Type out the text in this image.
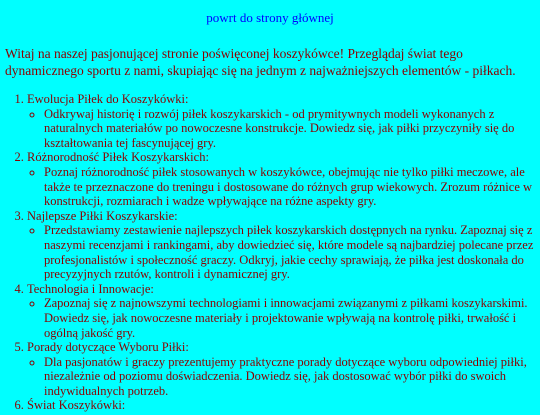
powrt do strony głównej

Witaj na naszej pasjonującej stronie poświęconej koszykówce! Przeglądaj świat tego dynamicznego sportu z nami, skupiając się na jednym z najważniejszych elementów - piłkach.

1. Ewolucja Piłek do Koszykówki:
◦ Odkrywaj historię i rozwój piłek koszykarskich - od prymitywnych modeli wykonanych z naturalnych materiałów po nowoczesne konstrukcje. Dowiedz się, jak piłki przyczyniły się do kształtowania tej fascynującej gry.
2. Różnorodność Piłek Koszykarskich:
◦ Poznaj różnorodność piłek stosowanych w koszykówce, obejmując nie tylko piłki meczowe, ale także te przeznaczone do treningu i dostosowane do różnych grup wiekowych. Zrozum różnice w konstrukcji, rozmiarach i wadze wpływające na różne aspekty gry.
3. Najlepsze Piłki Koszykarskie:
◦ Przedstawiamy zestawienie najlepszych piłek koszykarskich dostępnych na rynku. Zapoznaj się z naszymi recenzjami i rankingami, aby dowiedzieć się, które modele są najbardziej polecane przez profesjonalistów i społeczność graczy. Odkryj, jakie cechy sprawiają, że piłka jest doskonała do precyzyjnych rzutów, kontroli i dynamicznej gry.
4. Technologia i Innowacje:
◦ Zapoznaj się z najnowszymi technologiami i innowacjami związanymi z piłkami koszykarskimi. Dowiedz się, jak nowoczesne materiały i projektowanie wpływają na kontrolę piłki, trwałość i ogólną jakość gry.
5. Porady dotyczące Wyboru Piłki:
◦ Dla pasjonatów i graczy prezentujemy praktyczne porady dotyczące wyboru odpowiedniej piłki, niezależnie od poziomu doświadczenia. Dowiedz się, jak dostosować wybór piłki do swoich indywidualnych potrzeb.
6. Świat Koszykówki:
